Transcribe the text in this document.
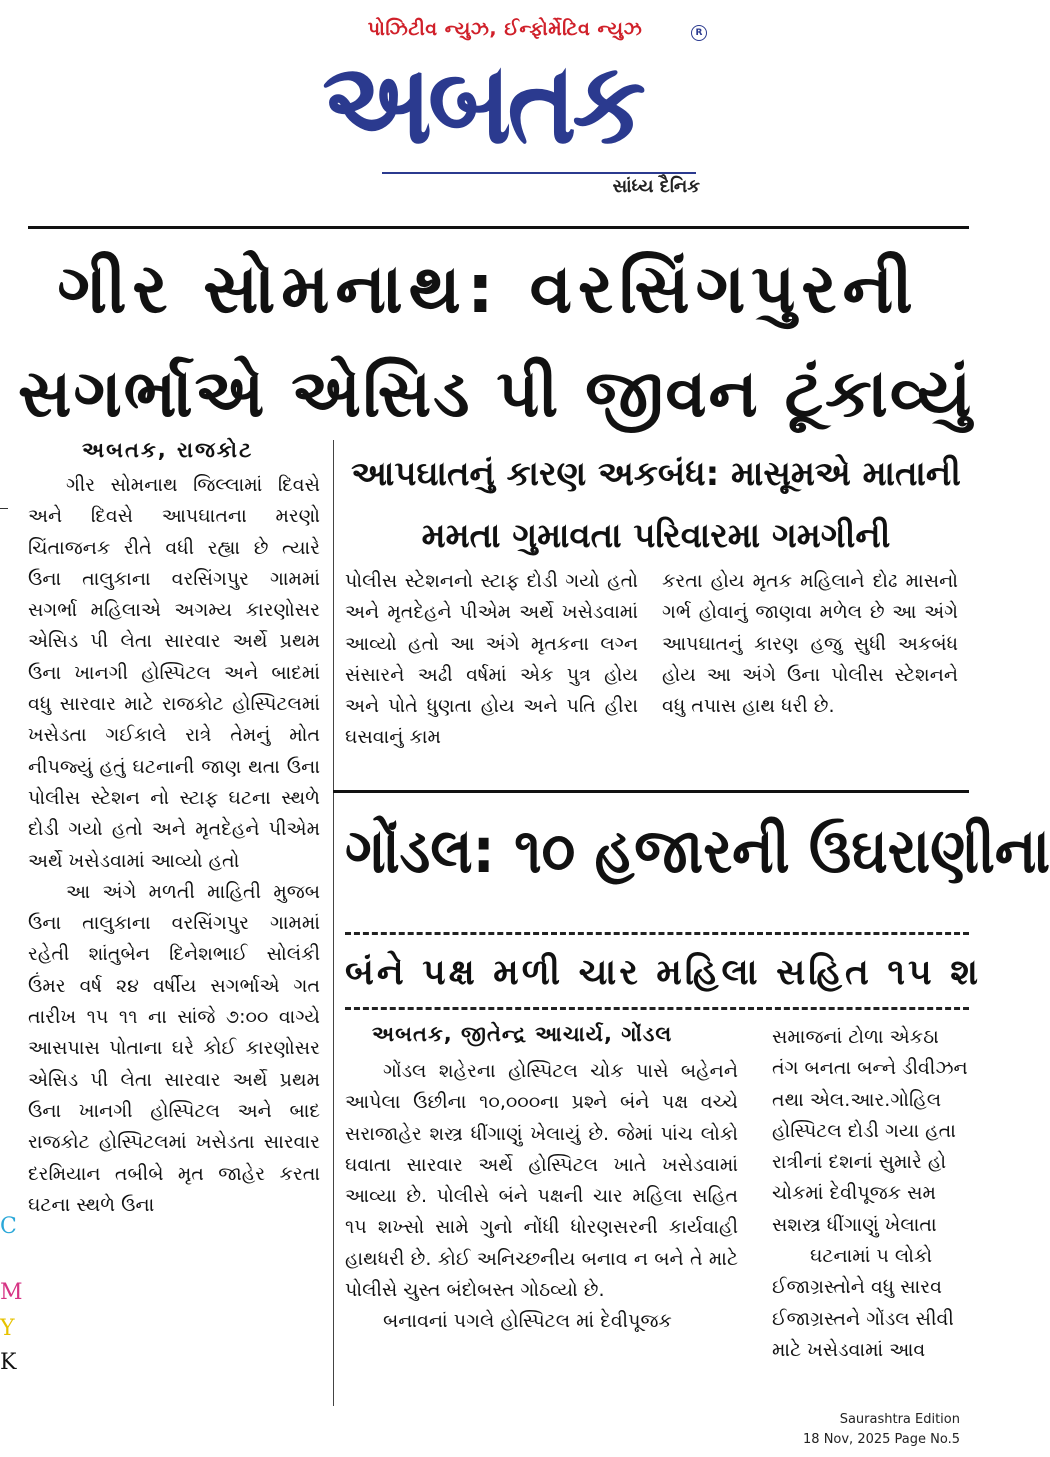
પોઝિટીવ ન્યુઝ, ઈન્ફોર્મેટિવ ન્યુઝ
અબતક
R
સાંધ્ય દૈનિક
ગીર સોમનાથ: વરસિંગપુરની
સગર્ભાએ એસિડ પી જીવન ટૂંકાવ્યું
અબતક, રાજકોટ

ગીર સોમનાથ જિલ્લામાં દિવસે અને દિવસે આપઘાતના મરણો ચિંતાજનક રીતે વધી રહ્યા છે ત્યારે ઉના તાલુકાના વરસિંગપુર ગામમાં સગર્ભા મહિલાએ અગમ્ય કારણોસર એસિડ પી લેતા સારવાર અર્થે પ્રથમ ઉના ખાનગી હોસ્પિટલ અને બાદમાં વધુ સારવાર માટે રાજકોટ હોસ્પિટલમાં ખસેડતા ગઈકાલે રાત્રે તેમનું મોત નીપજ્યું હતું ઘટનાની જાણ થતા ઉના પોલીસ સ્ટેશન નો સ્ટાફ ઘટના સ્થળે દોડી ગયો હતો અને મૃતદેહને પીએમ અર્થે ખસેડવામાં આવ્યો હતો

આ અંગે મળતી માહિતી મુજબ ઉના તાલુકાના વરસિંગપુર ગામમાં રહેતી શાંતુબેન દિનેશભાઈ સોલંકી ઉંમર વર્ષ ૨૪ વર્ષીય સગર્ભાએ ગત તારીખ ૧૫ ૧૧ ના સાંજે ૭:૦૦ વાગ્યે આસપાસ પોતાના ઘરે કોઈ કારણોસર એસિડ પી લેતા સારવાર અર્થે પ્રથમ ઉના ખાનગી હોસ્પિટલ અને બાદ રાજકોટ હોસ્પિટલમાં ખસેડતા સારવાર દરમિયાન તબીબે મૃત જાહેર કરતા ઘટના સ્થળે ઉના

આપઘાતનું કારણ અકબંધ: માસૂમએ માતાની
મમતા ગુમાવતા પરિવારમા ગમગીની

પોલીસ સ્ટેશનનો સ્ટાફ દોડી ગયો હતો અને મૃતદેહને પીએમ અર્થે ખસેડવામાં આવ્યો હતો આ અંગે મૃતકના લગ્ન સંસારને અઢી વર્ષમાં એક પુત્ર હોય અને પોતે ધુણતા હોય અને પતિ હીરા ઘસવાનું કામ

કરતા હોય મૃતક મહિલાને દોઢ માસનો ગર્ભ હોવાનું જાણવા મળેલ છે આ અંગે આપઘાતનું કારણ હજુ સુધી અકબંધ હોય આ અંગે ઉના પોલીસ સ્ટેશનને વધુ તપાસ હાથ ધરી છે.

ગોંડલ: ૧૦ હજારની ઉઘરાણીના
બંને પક્ષ મળી ચાર મહિલા સહિત ૧૫ શ
અબતક, જીતેન્દ્ર આચાર્ય, ગોંડલ

ગોંડલ શહેરના હોસ્પિટલ ચોક પાસે બહેનને આપેલા ઉછીના ૧૦,૦૦૦ના પ્રશ્ને બંને પક્ષ વચ્ચે સરાજાહેર શસ્ત્ર ધીંગાણું ખેલાયું છે. જેમાં પાંચ લોકો ઘવાતા સારવાર અર્થે હોસ્પિટલ ખાતે ખસેડવામાં આવ્યા છે. પોલીસે બંને પક્ષની ચાર મહિલા સહિત ૧૫ શખ્સો સામે ગુનો નોંધી ધોરણસરની કાર્યવાહી હાથધરી છે. કોઈ અનિચ્છનીય બનાવ ન બને તે માટે પોલીસે ચુસ્ત બંદોબસ્ત ગોઠવ્યો છે.

બનાવનાં પગલે હોસ્પિટલ માં દેવીપૂજક

સમાજનાં ટોળા એકઠા

તંગ બનતા બન્ને ડીવીઝન

તથા એલ.આર.ગોહિલ

હોસ્પિટલ દોડી ગયા હતા

રાત્રીનાં દશનાં સુમારે હો

ચોકમાં દેવીપૂજક સમ

સશસ્ત્ર ધીંગાણું ખેલાતા

ઘટનામાં ૫ લોકો

ઈજાગ્રસ્તોને વધુ સારવ

ઈજાગ્રસ્તને ગોંડલ સીવી

માટે ખસેડવામાં આવ

C
M
Y
K
Saurashtra Edition
18 Nov, 2025 Page No.5
